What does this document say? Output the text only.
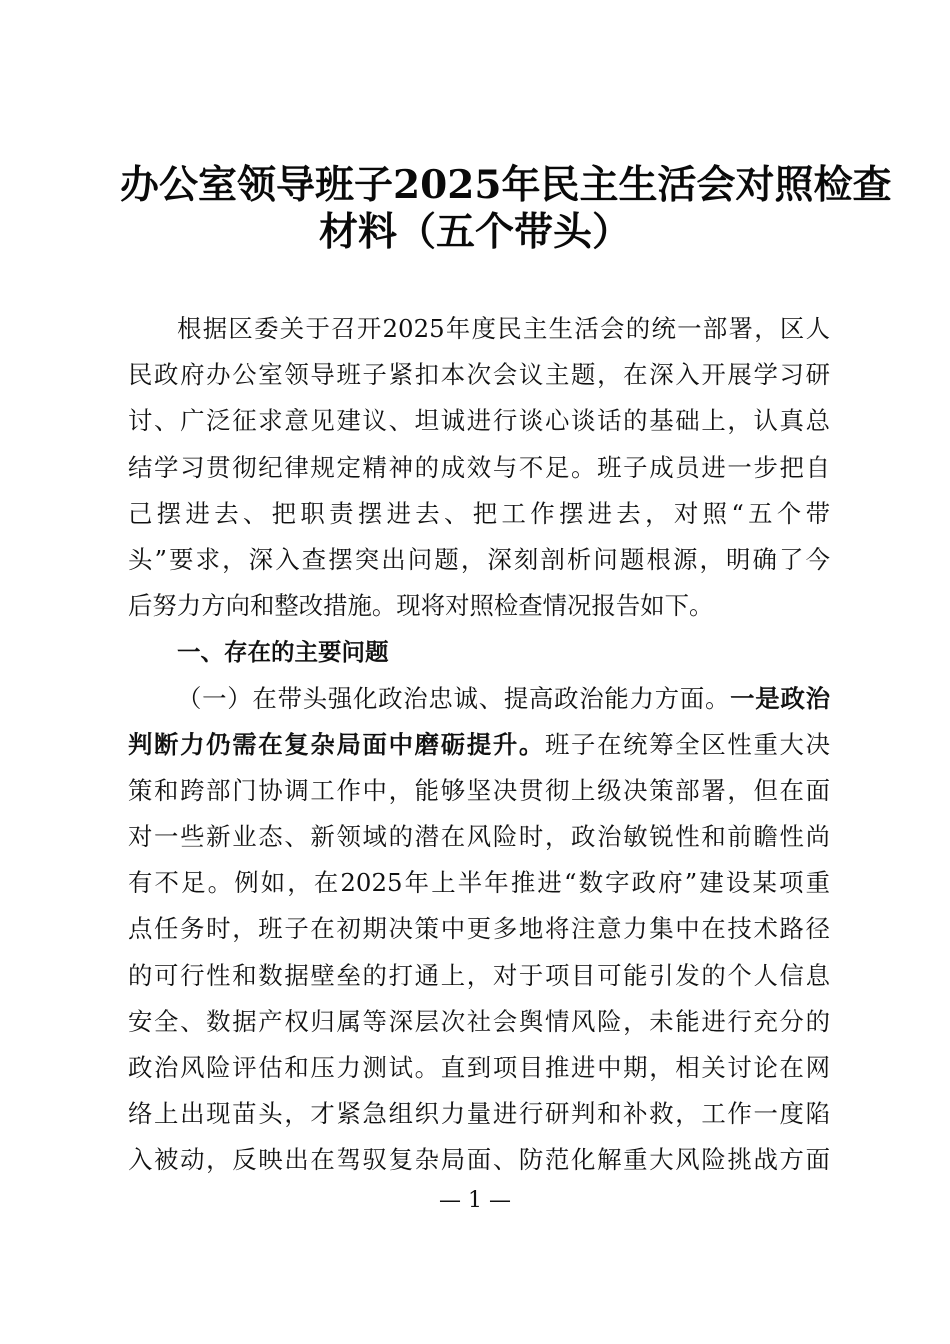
办公室领导班子2025年民主生活会对照检查
材料（五个带头）
根据区委关于召开2025年度民主生活会的统一部署，区人
民政府办公室领导班子紧扣本次会议主题，在深入开展学习研
讨、广泛征求意见建议、坦诚进行谈心谈话的基础上，认真总
结学习贯彻纪律规定精神的成效与不足。班子成员进一步把自
己摆进去、把职责摆进去、把工作摆进去，对照“五个带
头”要求，深入查摆突出问题，深刻剖析问题根源，明确了今
后努力方向和整改措施。现将对照检查情况报告如下。
一、存在的主要问题
（一）在带头强化政治忠诚、提高政治能力方面。一是政治
判断力仍需在复杂局面中磨砺提升。班子在统筹全区性重大决
策和跨部门协调工作中，能够坚决贯彻上级决策部署，但在面
对一些新业态、新领域的潜在风险时，政治敏锐性和前瞻性尚
有不足。例如，在2025年上半年推进“数字政府”建设某项重
点任务时，班子在初期决策中更多地将注意力集中在技术路径
的可行性和数据壁垒的打通上，对于项目可能引发的个人信息
安全、数据产权归属等深层次社会舆情风险，未能进行充分的
政治风险评估和压力测试。直到项目推进中期，相关讨论在网
络上出现苗头，才紧急组织力量进行研判和补救，工作一度陷
入被动，反映出在驾驭复杂局面、防范化解重大风险挑战方面
— 1 —
